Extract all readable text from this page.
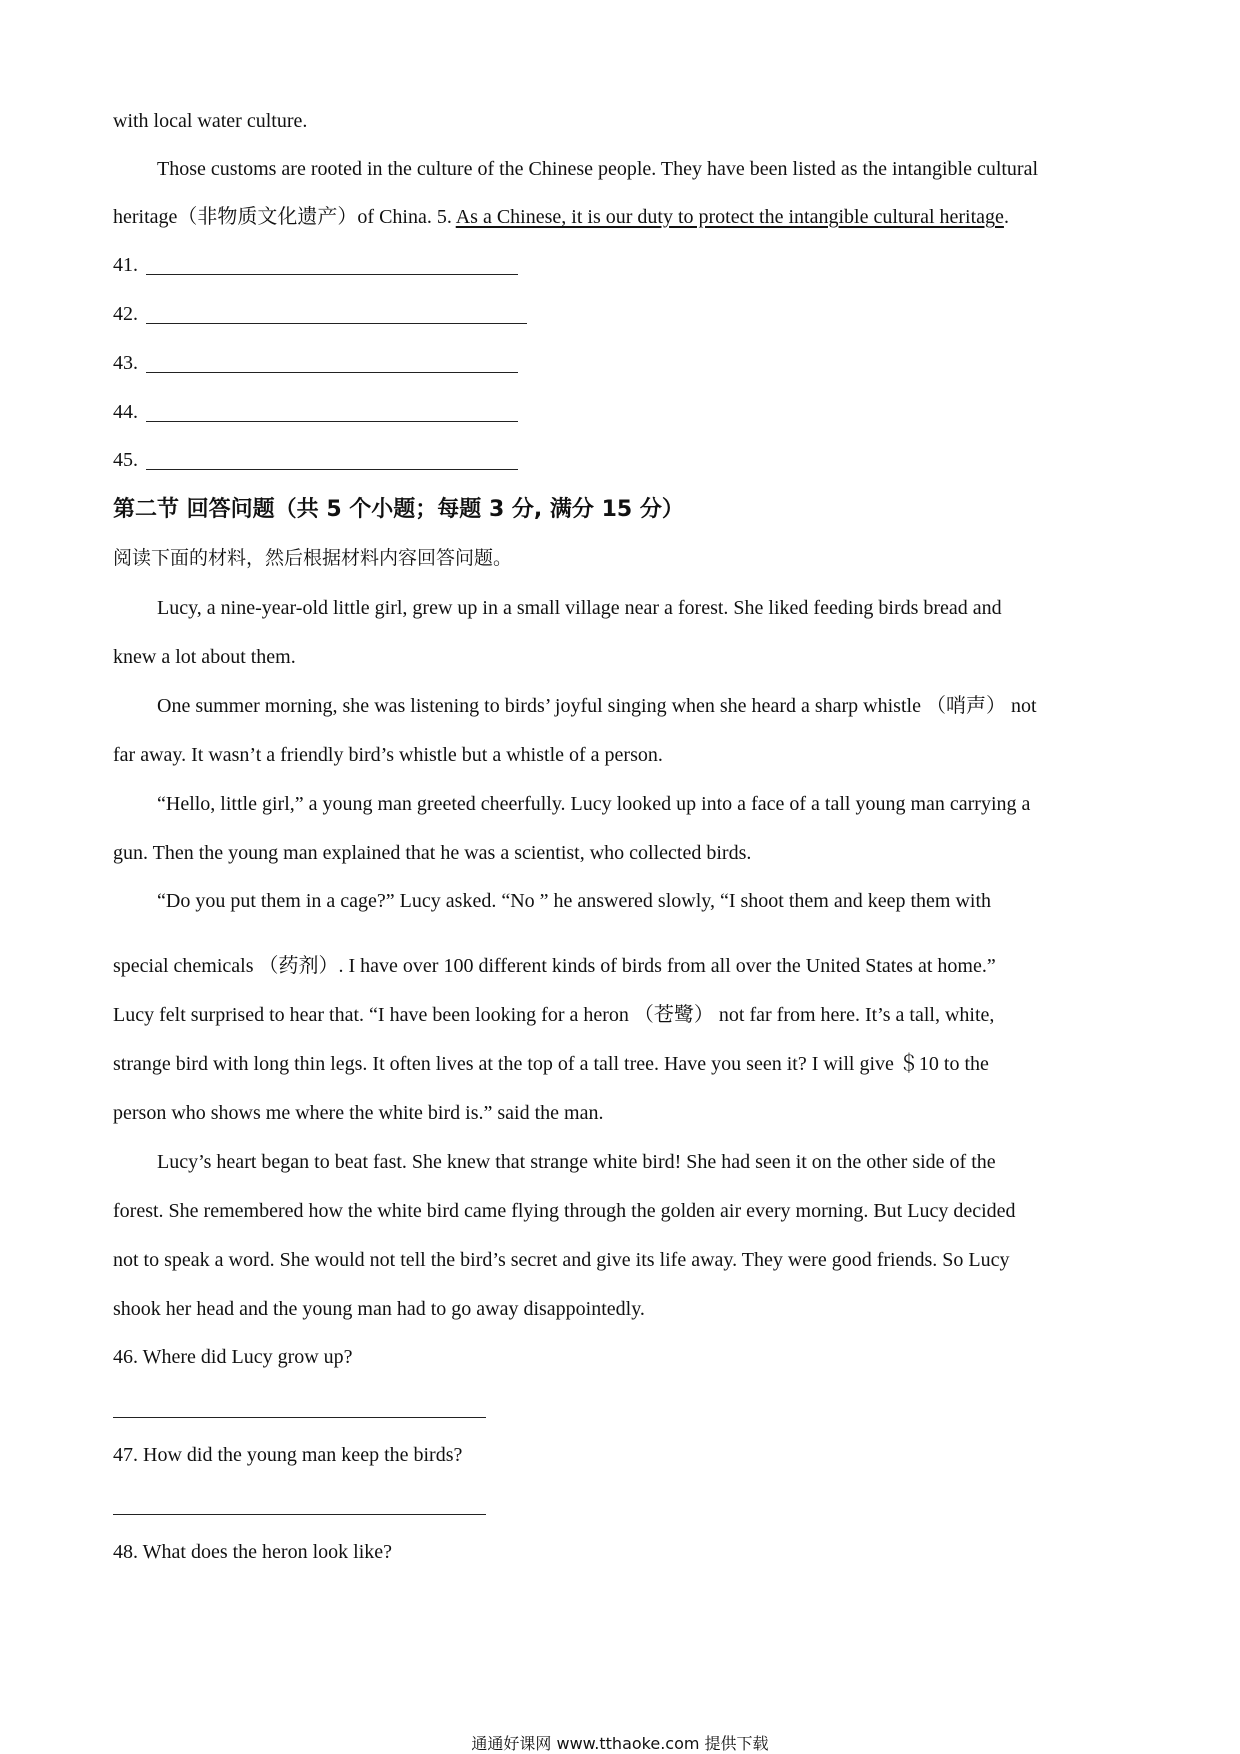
with local water culture.
Those customs are rooted in the culture of the Chinese people. They have been listed as the intangible cultural
heritage（非物质文化遗产）of China. 5. As a Chinese, it is our duty to protect the intangible cultural heritage.
41.
42.
43.
44.
45.
第二节 回答问题（共 5 个小题；每题 3 分, 满分 15 分）
阅读下面的材料，然后根据材料内容回答问题。
Lucy, a nine-year-old little girl, grew up in a small village near a forest. She liked feeding birds bread and
knew a lot about them.
One summer morning, she was listening to birds’ joyful singing when she heard a sharp whistle （哨声） not
far away. It wasn’t a friendly bird’s whistle but a whistle of a person.
“Hello, little girl,” a young man greeted cheerfully. Lucy looked up into a face of a tall young man carrying a
gun. Then the young man explained that he was a scientist, who collected birds.
“Do you put them in a cage?” Lucy asked. “No ” he answered slowly, “I shoot them and keep them with
special chemicals （药剂）. I have over 100 different kinds of birds from all over the United States at home.”
Lucy felt surprised to hear that. “I have been looking for a heron （苍鹭） not far from here. It’s a tall, white,
strange bird with long thin legs. It often lives at the top of a tall tree. Have you seen it? I will give ＄10 to the
person who shows me where the white bird is.” said the man.
Lucy’s heart began to beat fast. She knew that strange white bird! She had seen it on the other side of the
forest. She remembered how the white bird came flying through the golden air every morning. But Lucy decided
not to speak a word. She would not tell the bird’s secret and give its life away. They were good friends. So Lucy
shook her head and the young man had to go away disappointedly.
46. Where did Lucy grow up?
47. How did the young man keep the birds?
48. What does the heron look like?
通通好课网 www.tthaoke.com 提供下载
